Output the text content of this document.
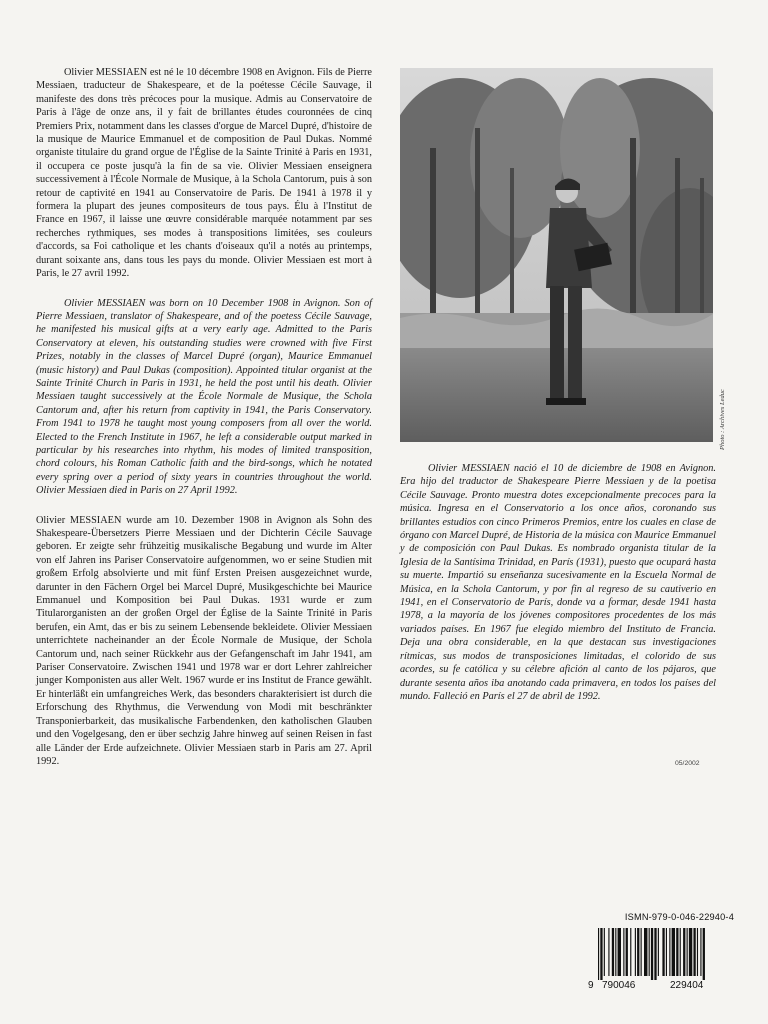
Olivier MESSIAEN est né le 10 décembre 1908 en Avignon. Fils de Pierre Messiaen, traducteur de Shakespeare, et de la poétesse Cécile Sauvage, il manifeste des dons très précoces pour la musique. Admis au Conservatoire de Paris à l'âge de onze ans, il y fait de brillantes études couronnées de cinq Premiers Prix, notamment dans les classes d'orgue de Marcel Dupré, d'histoire de la musique de Maurice Emmanuel et de composition de Paul Dukas. Nommé organiste titulaire du grand orgue de l'Église de la Sainte Trinité à Paris en 1931, il occupera ce poste jusqu'à la fin de sa vie. Olivier Messiaen enseignera successivement à l'École Normale de Musique, à la Schola Cantorum, puis à son retour de captivité en 1941 au Conservatoire de Paris. De 1941 à 1978 il y formera la plupart des jeunes compositeurs de tous pays. Élu à l'Institut de France en 1967, il laisse une œuvre considérable marquée notamment par ses recherches rythmiques, ses modes à transpositions limitées, ses couleurs d'accords, sa Foi catholique et les chants d'oiseaux qu'il a notés au printemps, durant soixante ans, dans tous les pays du monde. Olivier Messiaen est mort à Paris, le 27 avril 1992.

Olivier MESSIAEN was born on 10 December 1908 in Avignon. Son of Pierre Messiaen, translator of Shakespeare, and of the poetess Cécile Sauvage, he manifested his musical gifts at a very early age. Admitted to the Paris Conservatory at eleven, his outstanding studies were crowned with five First Prizes, notably in the classes of Marcel Dupré (organ), Maurice Emmanuel (music history) and Paul Dukas (composition). Appointed titular organist at the Sainte Trinité Church in Paris in 1931, he held the post until his death. Olivier Messiaen taught successively at the École Normale de Musique, the Schola Cantorum and, after his return from captivity in 1941, the Paris Conservatory. From 1941 to 1978 he taught most young composers from all over the world. Elected to the French Institute in 1967, he left a considerable output marked in particular by his researches into rhythm, his modes of limited transposition, chord colours, his Roman Catholic faith and the bird-songs, which he notated every spring over a period of sixty years in countries throughout the world. Olivier Messiaen died in Paris on 27 April 1992.

Olivier MESSIAEN wurde am 10. Dezember 1908 in Avignon als Sohn des Shakespeare-Übersetzers Pierre Messiaen und der Dichterin Cécile Sauvage geboren. Er zeigte sehr frühzeitig musikalische Begabung und wurde im Alter von elf Jahren ins Pariser Conservatoire aufgenommen, wo er seine Studien mit großem Erfolg absolvierte und mit fünf Ersten Preisen ausgezeichnet wurde, darunter in den Fächern Orgel bei Marcel Dupré, Musikgeschichte bei Maurice Emmanuel und Komposition bei Paul Dukas. 1931 wurde er zum Titularorganisten an der großen Orgel der Église de la Sainte Trinité in Paris berufen, ein Amt, das er bis zu seinem Lebensende bekleidete. Olivier Messiaen unterrichtete nacheinander an der École Normale de Musique, der Schola Cantorum und, nach seiner Rückkehr aus der Gefangenschaft im Jahr 1941, am Pariser Conservatoire. Zwischen 1941 und 1978 war er dort Lehrer zahlreicher junger Komponisten aus aller Welt. 1967 wurde er ins Institut de France gewählt. Er hinterläßt ein umfangreiches Werk, das besonders charakterisiert ist durch die Erforschung des Rhythmus, die Verwendung von Modi mit beschränkter Transponierbarkeit, das musikalische Farbendenken, den katholischen Glauben und den Vogelgesang, den er über sechzig Jahre hinweg auf seinen Reisen in fast alle Länder der Erde aufzeichnete. Olivier Messiaen starb in Paris am 27. April 1992.

Photo : Archives Leduc

Olivier MESSIAEN nació el 10 de diciembre de 1908 en Avignon. Era hijo del traductor de Shakespeare Pierre Messiaen y de la poetisa Cécile Sauvage. Pronto muestra dotes excepcionalmente precoces para la música. Ingresa en el Conservatorio a los once años, coronando sus brillantes estudios con cinco Primeros Premios, entre los cuales en clase de órgano con Marcel Dupré, de Historia de la música con Maurice Emmanuel y de composición con Paul Dukas. Es nombrado organista titular de la Iglesia de la Santísima Trinidad, en París (1931), puesto que ocupará hasta su muerte. Impartió su enseñanza sucesivamente en la Escuela Normal de Música, en la Schola Cantorum, y por fin al regreso de su cautiverio en 1941, en el Conservatorio de París, donde va a formar, desde 1941 hasta 1978, a la mayoría de los jóvenes compositores procedentes de los más variados países. En 1967 fue elegido miembro del Instituto de Francia. Deja una obra considerable, en la que destacan sus investigaciones rítmicas, sus modos de transposiciones limitadas, el colorido de sus acordes, su fe católica y su célebre afición al canto de los pájaros, que durante sesenta años iba anotando cada primavera, en todos los países del mundo. Falleció en París el 27 de abril de 1992.

05/2002
ISMN-979-0-046-22940-4
9 790046	229404
